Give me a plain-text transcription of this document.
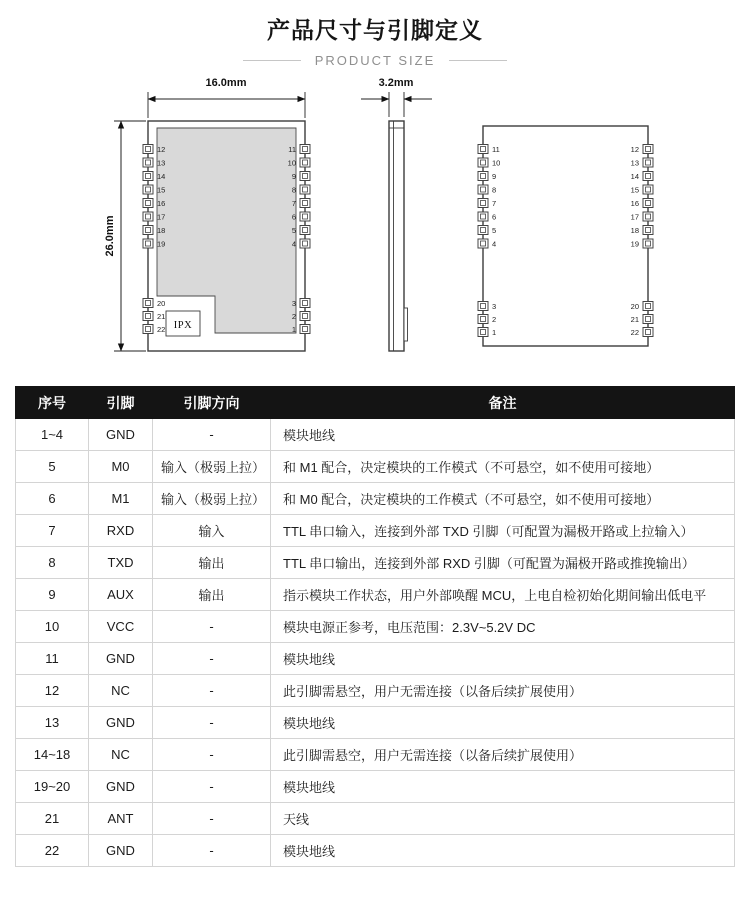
产品尺寸与引脚定义
PRODUCT SIZE
16.0mm
26.0mm
12
13
14
15
16
17
18
19
20
21
22
11
10
9
8
7
6
5
4
3
2
1
IPX
3.2mm
11
10
9
8
7
6
5
4
3
2
1
12
13
14
15
16
17
18
19
20
21
22
序号	引脚	引脚方向	备注
1~4	GND	-	模块地线
5	M0	输入（极弱上拉）	和 M1 配合，决定模块的工作模式（不可悬空，如不使用可接地）
6	M1	输入（极弱上拉）	和 M0 配合，决定模块的工作模式（不可悬空，如不使用可接地）
7	RXD	输入	TTL 串口输入，连接到外部 TXD 引脚（可配置为漏极开路或上拉输入）
8	TXD	输出	TTL 串口输出，连接到外部 RXD 引脚（可配置为漏极开路或推挽输出）
9	AUX	输出	指示模块工作状态，用户外部唤醒 MCU，上电自检初始化期间输出低电平
10	VCC	-	模块电源正参考，电压范围：2.3V~5.2V DC
11	GND	-	模块地线
12	NC	-	此引脚需悬空，用户无需连接（以备后续扩展使用）
13	GND	-	模块地线
14~18	NC	-	此引脚需悬空，用户无需连接（以备后续扩展使用）
19~20	GND	-	模块地线
21	ANT	-	天线
22	GND	-	模块地线
